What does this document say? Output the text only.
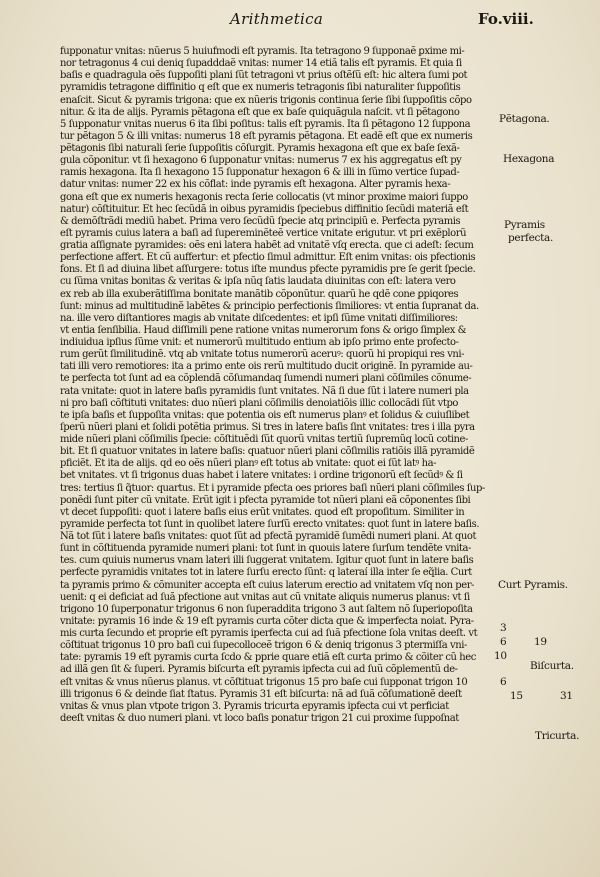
Arithmetica	Fo.viii.
fupponatur vnitas: nŭerus 5 huiufmodi eſt pyramis. Ita tetragono 9 ſupponaẽ ꝑxime mi-
nor tetragonus 4 cui deniq ſupadddaẽ vnitas: numer 14 etiã talis eſt pyramis. Et quia ſi
baſis e quadragula oẽs ſuppoſiti plani ſũt tetragoni vt prius oſtẽſũ eſt: hic altera ſumi pot
pyramidis tetragone diffinitio q eſt que ex numeris tetragonis ſibi naturaliter ſuppoſitis
enaſcit. Sicut & pyramis trigona: que ex nũeris trigonis continua ſerie ſibi ſuppoſitis cõpo
nitur. & ita de alijs. Pyramis pẽtagona eſt que ex baſe quiquãgula naſcit. vt ſi pẽtagono
5 ſupponatur vnitas nuerus 6 ita ſibi poſitus: talis eſt pyramis. Ita ſi pẽtagono 12 ſuppona
tur pẽtagon 5 & illi vnitas: numerus 18 eſt pyramis pẽtagona. Et eadẽ eſt que ex numeris
pẽtagonis ſibi naturali ſerie ſuppoſitis cõſurgit. Pyramis hexagona eſt que ex baſe ſexã-
gula cõponitur. vt ſi hexagono 6 ſupponatur vnitas: numerus 7 ex his aggregatus eſt py
ramis hexagona. Ita ſi hexagono 15 ſupponatur hexagon 6 & illi in ſũmo vertice ſupad-
datur vnitas: numer 22 ex his cõflat: inde pyramis eſt hexagona. Alter pyramis hexa-
gona eſt que ex numeris hexagonis recta ſerie collocatis (vt minor proxime maiori ſuppo
natur) cõſtituitur. Et hec ſecũdã in oibus pyramidis ſpeciebus diffinitio ſecũdi materiã eſt
& demõſtrãdi mediũ habet. Prima vero ſecũdũ ſpecie atq principiũ e. Perfecta pyramis
eſt pyramis cuius latera a baſi ad ſupereminẽteẽ vertice vnitate erigutur. vt pri exẽplorũ
gratia aſſignate pyramides: oẽs eni latera habẽt ad vnitatẽ vſq erecta. que ci adeſt: ſecum
perfectione affert. Et cũ auffertur: et pfectio ſimul admittur. Eſt enim vnitas: ois pfectionis
fons. Et ſi ad diuina libet aſſurgere: totus iſte mundus pfecte pyramidis pre ſe gerit ſpecie.
cu ſũma vnitas bonitas & veritas & ipſa nũq ſatis laudata diuinitas con eſt: latera vero
ex reb ab illa exuberãtiſſima bonitate manãtib cõponũtur. quarũ he qdẽ cone ꝑpiqores
ſunt: minus ad multitudinẽ labẽtes & principio perfectionis ſimiliores: vt entia ſupranat da.
na. ille vero diſtantiores magis ab vnitate diſcedentes: et ipſi ſũme vnitati diſſimiliores:
vt entia ſenſibilia. Haud diſſimili pene ratione vnitas numerorum fons & origo ſimplex &
indiuidua ipſius ſũme vnit: et numerorũ multitudo entium ab ipſo primo ente profecto-
rum gerũt ſimilitudinẽ. vtq ab vnitate totus numerorũ aceruꝰ: quorũ hi propiqui res vni-
tati illi vero remotiores: ita a primo ente ois rerũ multitudo ducit originẽ. In pyramide au-
te perfecta tot ſunt ad ea cõplendã cõſumandaq ſumendi numeri plani cõſimiles cõnume-
rata vnitate: quot in latere baſis pyramidis ſunt vnitates. Nã ſi due ſũt i latere numeri pla
ni pro baſi cõſtituti vnitates: duo nũeri plani cõſimilis denoiatiõis illic collocãdi ſũt vtpo
te ipſa baſis et ſuppoſita vnitas: que potentia ois eſt numerus planꝰ et ſolidus & cuiuſlibet
ſperũ nũeri plani et ſolidi potẽtia primus. Si tres in latere baſis ſint vnitates: tres i illa pyra
mide nũeri plani cõſimilis ſpecie: cõſtituẽdi ſũt quorũ vnitas tertiũ ſupremũq locũ cotine-
bit. Et ſi quatuor vnitates in latere baſis: quatuor nũeri plani cõſimilis ratiõis illã pyramidẽ
pficiẽt. Et ita de alijs. qd eo oẽs nũeri planꝰ eſt totus ab vnitate: quot ei ſũt latꝰ ha-
bet vnitates. vt ſi trigonus duas habet i latere vnitates: i ordine trigonorũ eſt ſecũdꝰ & ſi
tres: tertius ſi q̃tuor: quartus. Et i pyramide pfecta oes priores baſi nũeri plani cõſimiles ſup-
ponẽdi ſunt piter cũ vnitate. Erũt igit i pfecta pyramide tot nũeri plani eã cõponentes ſibi
vt decet ſuppoſiti: quot i latere baſis eius erũt vnitates. quod eſt propoſitum. Similiter in
pyramide perfecta tot ſunt in quolibet latere ſurſũ erecto vnitates: quot ſunt in latere baſis.
Nã tot ſũt i latere baſis vnitates: quot ſũt ad pfectã pyramidẽ ſumẽdi numeri plani. At quot
ſunt in cõſtituenda pyramide numeri plani: tot ſunt in quouis latere ſurſum tendẽte vnita-
tes. cum quiuis numerus vnam lateri illi ſuggerat vnitatem. Igitur quot ſunt in latere baſis
perfecte pyramidis vnitates tot in latere ſurſu erecto ſũnt: q lateraí illa inter ſe eq̃lia. Curt
ta pyramis primo & cõmuniter accepta eſt cuius laterum erectio ad vnitatem vſq non per-
uenit: q ei deficiat ad ſuã pfectione aut vnitas aut cũ vnitate aliquis numerus planus: vt ſi
trigono 10 ſuperponatur trigonus 6 non ſuperaddita trigono 3 aut ſaltem nõ ſuperiopoſita
vnitate: pyramis 16 inde & 19 eſt pyramis curta cõter dicta que & imperfecta noiat. Pyra-
mis curta ſecundo et proprie eſt pyramis iperfecta cui ad ſuã pfectione ſola vnitas deeſt. vt
cõſtituat trigonus 10 pro baſi cui ſupecolloceẽ trigon 6 & deniq trigonus 3 ptermiſſa vni-
tate: pyramis 19 eſt pyramis curta ſcdo & pprie quare etiã eſt curta primo & cõiter cũ hec
ad illã gen ſit & ſuperi. Pyramis biſcurta eſt pyramis ipfecta cui ad ſuũ cõplementũ de-
eſt vnitas & vnus nũerus planus. vt cõſtituat trigonus 15 pro baſe cui ſupponat trigon 10
illi trigonus 6 & deinde ſiat ſtatus. Pyramis 31 eſt biſcurta: nã ad ſuã cõſumationẽ deeſt
vnitas & vnus plan vtpote trigon 3. Pyramis tricurta epyramis ipfecta cui vt perficiat
deeſt vnitas & duo numeri plani. vt loco baſis ponatur trigon 21 cui proxime ſuppoſnat
Pẽtagona.
Hexagona
Pyramis
perfecta.
Curt Pyramis.
Biſcurta.
Tricurta.
3
6
10
6
15
19
31
